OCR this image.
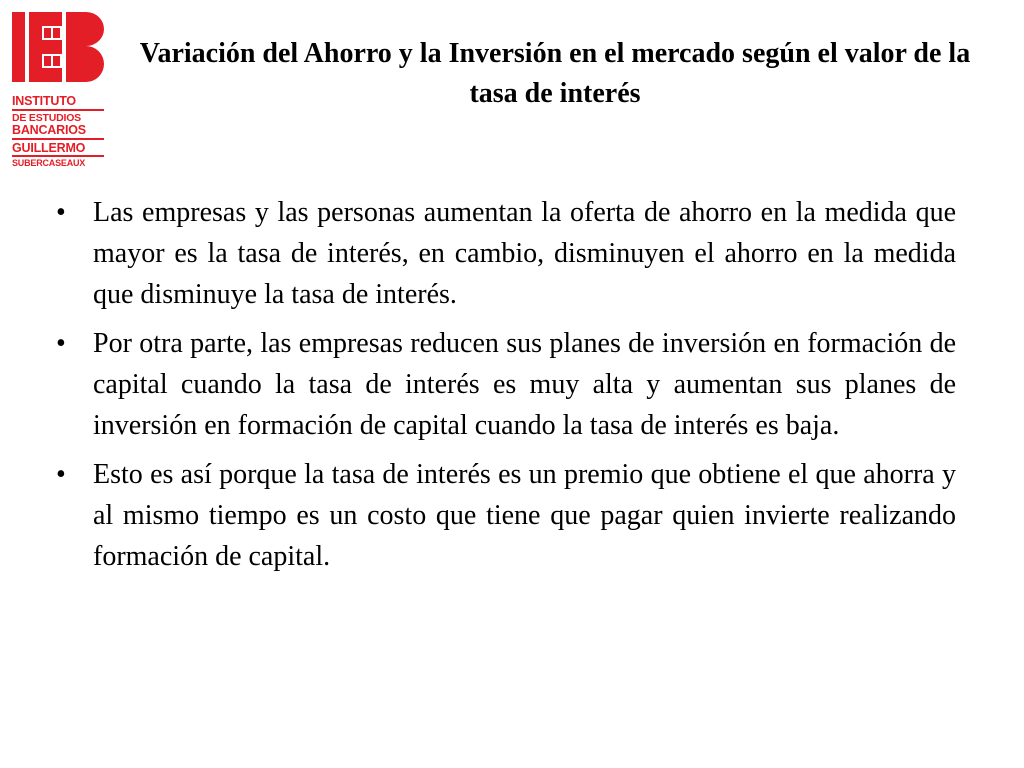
INSTITUTO
DE ESTUDIOS
BANCARIOS
GUILLERMO
SUBERCASEAUX
Variación del Ahorro y la Inversión en el mercado según el valor de la tasa de interés
• Las empresas y las personas aumentan la oferta de ahorro en la medida que mayor es la tasa de interés, en cambio, disminuyen el ahorro en la medida que disminuye la tasa de interés.
• Por otra parte, las empresas reducen sus planes de inversión en formación de capital cuando la tasa de interés es muy alta y aumentan sus planes de inversión en formación de capital cuando la tasa de interés es baja.
• Esto es así porque la tasa de interés es un premio que obtiene el que ahorra y al mismo tiempo es un costo que tiene que pagar quien invierte realizando formación de capital.
